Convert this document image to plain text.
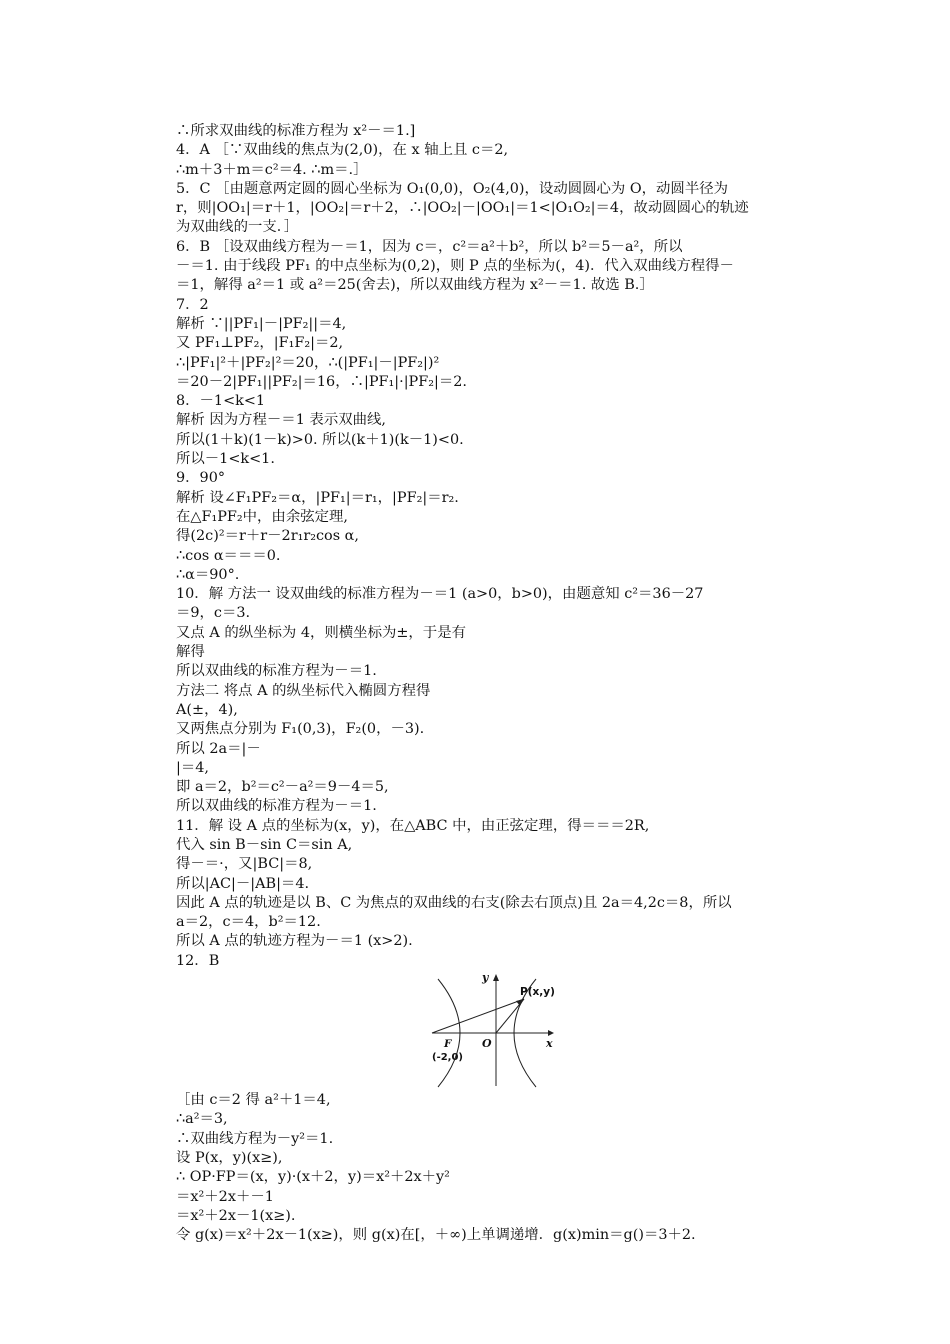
∴所求双曲线的标准方程为 x²－＝1.]
4．A ［∵双曲线的焦点为(2,0)，在 x 轴上且 c＝2,
∴m＋3＋m＝c²＝4. ∴m＝.］
5．C ［由题意两定圆的圆心坐标为 O₁(0,0)，O₂(4,0)，设动圆圆心为 O，动圆半径为
r，则|OO₁|＝r＋1，|OO₂|＝r＋2，∴|OO₂|－|OO₁|＝1<|O₁O₂|＝4，故动圆圆心的轨迹
为双曲线的一支．］
6．B ［设双曲线方程为－＝1，因为 c＝，c²＝a²＋b²，所以 b²＝5－a²，所以
－＝1. 由于线段 PF₁ 的中点坐标为(0,2)，则 P 点的坐标为(，4)．代入双曲线方程得－
＝1，解得 a²＝1 或 a²＝25(舍去)，所以双曲线方程为 x²－＝1. 故选 B.］
7．2
解析 ∵||PF₁|－|PF₂||＝4,
又 PF₁⊥PF₂，|F₁F₂|＝2,
∴|PF₁|²＋|PF₂|²＝20，∴(|PF₁|－|PF₂|)²
＝20－2|PF₁||PF₂|＝16，∴|PF₁|·|PF₂|＝2.
8．－1<k<1
解析 因为方程－＝1 表示双曲线,
所以(1＋k)(1－k)>0. 所以(k＋1)(k－1)<0.
所以－1<k<1.
9．90°
解析 设∠F₁PF₂＝α，|PF₁|＝r₁，|PF₂|＝r₂.
在△F₁PF₂中，由余弦定理,
得(2c)²＝r＋r－2r₁r₂cos α,
∴cos α＝＝＝0.
∴α＝90°.
10．解 方法一 设双曲线的标准方程为－＝1 (a>0，b>0)，由题意知 c²＝36－27
＝9，c＝3.
又点 A 的纵坐标为 4，则横坐标为±，于是有
解得
所以双曲线的标准方程为－＝1.
方法二 将点 A 的纵坐标代入椭圆方程得
A(±，4),
又两焦点分别为 F₁(0,3)，F₂(0，－3).
所以 2a＝|－
|＝4,
即 a＝2，b²＝c²－a²＝9－4＝5,
所以双曲线的标准方程为－＝1.
11．解 设 A 点的坐标为(x，y)，在△ABC 中，由正弦定理，得＝＝＝2R,
代入 sin B－sin C＝sin A,
得－＝·，又|BC|＝8,
所以|AC|－|AB|＝4.
因此 A 点的轨迹是以 B、C 为焦点的双曲线的右支(除去右顶点)且 2a＝4,2c＝8，所以
a＝2，c＝4，b²＝12.
所以 A 点的轨迹方程为－＝1 (x>2).
12．B
y
x
O
P(x,y)
F
(-2,0)
［由 c＝2 得 a²＋1＝4,
∴a²＝3,
∴双曲线方程为－y²＝1.
设 P(x，y)(x≥),
∴ OP·FP＝(x，y)·(x＋2，y)＝x²＋2x＋y²
＝x²＋2x＋－1
＝x²＋2x－1(x≥).
令 g(x)＝x²＋2x－1(x≥)，则 g(x)在[，＋∞)上单调递增．g(x)min＝g()＝3＋2.
